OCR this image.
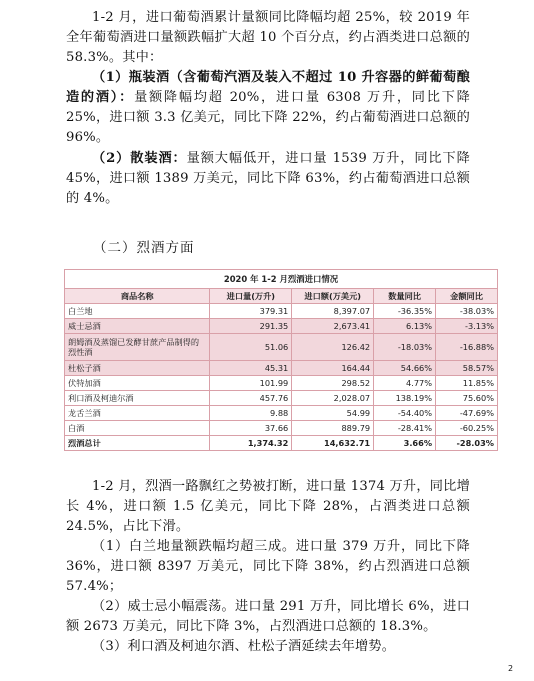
1-2 月，进口葡萄酒累计量额同比降幅均超 25%，较 2019 年全年葡萄酒进口量额跌幅扩大超 10 个百分点，约占酒类进口总额的 58.3%。其中：
（1）瓶装酒（含葡萄汽酒及装入不超过 10 升容器的鲜葡萄酿造的酒）：量额降幅均超 20%，进口量 6308 万升，同比下降 25%，进口额 3.3 亿美元，同比下降 22%，约占葡萄酒进口总额的 96%。
（2）散装酒：量额大幅低开，进口量 1539 万升，同比下降 45%，进口额 1389 万美元，同比下降 63%，约占葡萄酒进口总额的 4%。
（二）烈酒方面
2020 年 1-2 月烈酒进口情况
商品名称	进口量(万升)	进口额(万美元)	数量同比	金额同比
白兰地	379.31	8,397.07	-36.35%	-38.03%
威士忌酒	291.35	2,673.41	6.13%	-3.13%
朗姆酒及蒸馏已发酵甘蔗产品制得的烈性酒	51.06	126.42	-18.03%	-16.88%
杜松子酒	45.31	164.44	54.66%	58.57%
伏特加酒	101.99	298.52	4.77%	11.85%
利口酒及柯迪尔酒	457.76	2,028.07	138.19%	75.60%
龙舌兰酒	9.88	54.99	-54.40%	-47.69%
白酒	37.66	889.79	-28.41%	-60.25%
烈酒总计	1,374.32	14,632.71	3.66%	-28.03%
1-2 月，烈酒一路飘红之势被打断，进口量 1374 万升，同比增长 4%，进口额 1.5 亿美元，同比下降 28%，占酒类进口总额 24.5%，占比下滑。
（1）白兰地量额跌幅均超三成。进口量 379 万升，同比下降 36%，进口额 8397 万美元，同比下降 38%，约占烈酒进口总额 57.4%；
（2）威士忌小幅震荡。进口量 291 万升，同比增长 6%，进口额 2673 万美元，同比下降 3%，占烈酒进口总额的 18.3%。
（3）利口酒及柯迪尔酒、杜松子酒延续去年增势。
2
